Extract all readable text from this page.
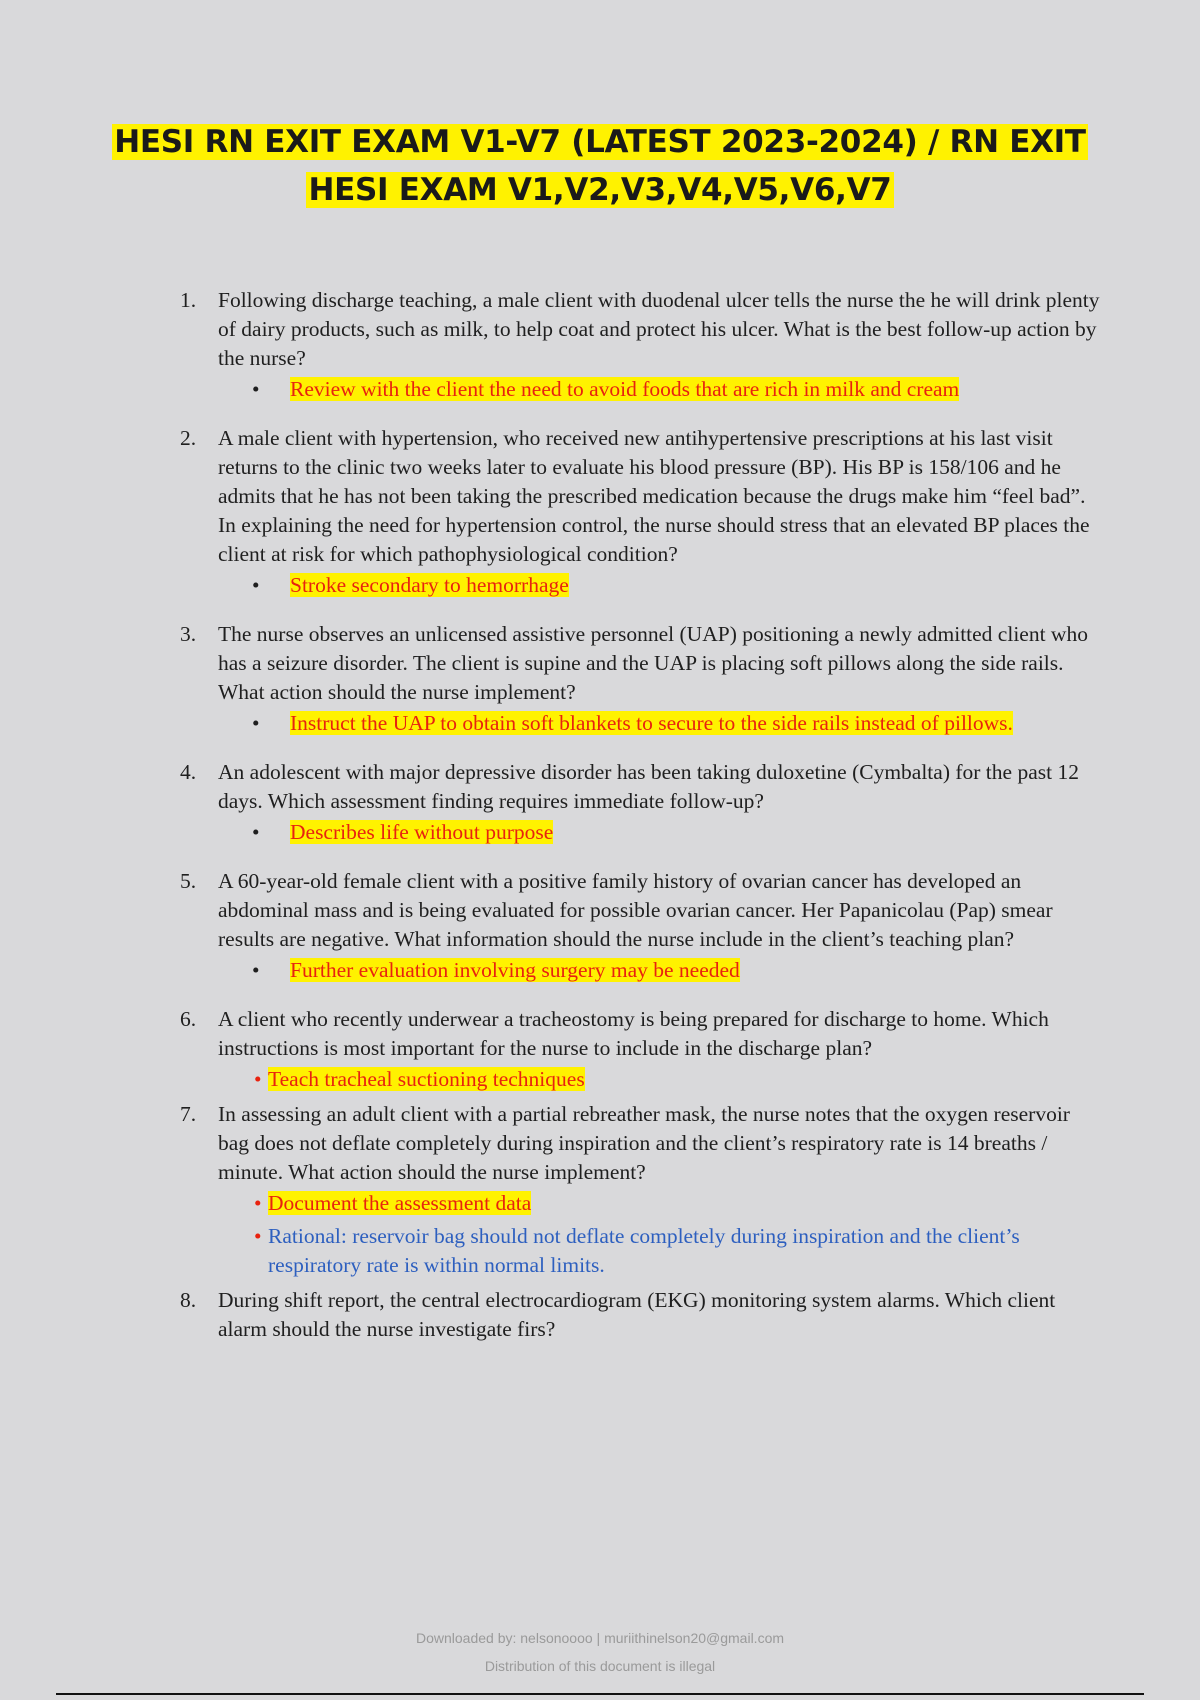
HESI RN EXIT EXAM V1-V7 (LATEST 2023-2024) / RN EXIT
HESI EXAM V1,V2,V3,V4,V5,V6,V7
1. Following discharge teaching, a male client with duodenal ulcer tells the nurse the he will drink plenty of dairy products, such as milk, to help coat and protect his ulcer. What is the best follow-up action by the nurse?
•	Review with the client the need to avoid foods that are rich in milk and cream
2. A male client with hypertension, who received new antihypertensive prescriptions at his last visit returns to the clinic two weeks later to evaluate his blood pressure (BP). His BP is 158/106 and he admits that he has not been taking the prescribed medication because the drugs make him “feel bad”. In explaining the need for hypertension control, the nurse should stress that an elevated BP places the client at risk for which pathophysiological condition?
•	Stroke secondary to hemorrhage
3. The nurse observes an unlicensed assistive personnel (UAP) positioning a newly admitted client who has a seizure disorder. The client is supine and the UAP is placing soft pillows along the side rails. What action should the nurse implement?
•	Instruct the UAP to obtain soft blankets to secure to the side rails instead of pillows.
4. An adolescent with major depressive disorder has been taking duloxetine (Cymbalta) for the past 12 days. Which assessment finding requires immediate follow-up?
•	Describes life without purpose
5. A 60-year-old female client with a positive family history of ovarian cancer has developed an abdominal mass and is being evaluated for possible ovarian cancer. Her Papanicolau (Pap) smear results are negative. What information should the nurse include in the client’s teaching plan?
•	Further evaluation involving surgery may be needed
6. A client who recently underwear a tracheostomy is being prepared for discharge to home. Which instructions is most important for the nurse to include in the discharge plan?
• Teach tracheal suctioning techniques
7. In assessing an adult client with a partial rebreather mask, the nurse notes that the oxygen reservoir bag does not deflate completely during inspiration and the client’s respiratory rate is 14 breaths / minute. What action should the nurse implement?
• Document the assessment data
• Rational: reservoir bag should not deflate completely during inspiration and the client’s respiratory rate is within normal limits.
8. During shift report, the central electrocardiogram (EKG) monitoring system alarms. Which client alarm should the nurse investigate firs?
Downloaded by: nelsonoooo | muriithinelson20@gmail.com
Distribution of this document is illegal
